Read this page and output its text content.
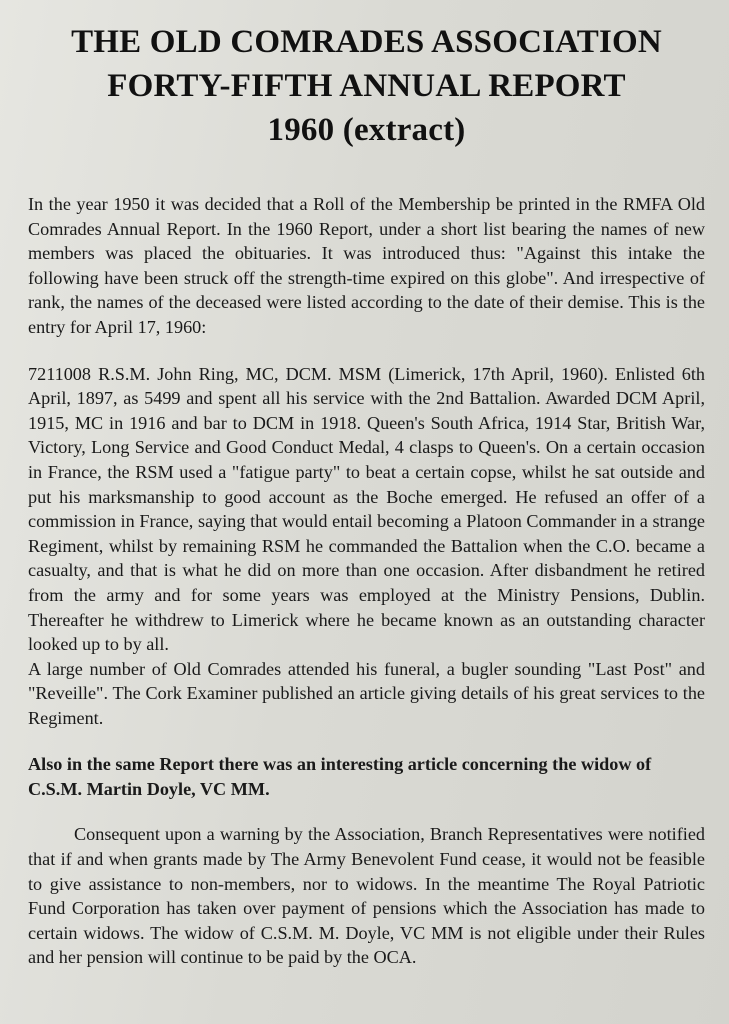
THE OLD COMRADES ASSOCIATION
FORTY-FIFTH ANNUAL REPORT
1960 (extract)

In the year 1950 it was decided that a Roll of the Membership be printed in the RMFA Old Comrades Annual Report. In the 1960 Report, under a short list bearing the names of new members was placed the obituaries. It was introduced thus: "Against this intake the following have been struck off the strength-time expired on this globe". And irrespective of rank, the names of the deceased were listed according to the date of their demise. This is the entry for April 17, 1960:

7211008 R.S.M. John Ring, MC, DCM. MSM (Limerick, 17th April, 1960). Enlisted 6th April, 1897, as 5499 and spent all his service with the 2nd Battalion. Awarded DCM April, 1915, MC in 1916 and bar to DCM in 1918. Queen's South Africa, 1914 Star, British War, Victory, Long Service and Good Conduct Medal, 4 clasps to Queen's. On a certain occasion in France, the RSM used a "fatigue party" to beat a certain copse, whilst he sat outside and put his marksmanship to good account as the Boche emerged. He refused an offer of a commission in France, saying that would entail becoming a Platoon Commander in a strange Regiment, whilst by remaining RSM he commanded the Battalion when the C.O. became a casualty, and that is what he did on more than one occasion. After disbandment he retired from the army and for some years was employed at the Ministry Pensions, Dublin. Thereafter he withdrew to Limerick where he became known as an outstanding character looked up to by all.

A large number of Old Comrades attended his funeral, a bugler sounding "Last Post" and "Reveille". The Cork Examiner published an article giving details of his great services to the Regiment.

Also in the same Report there was an interesting article concerning the widow of C.S.M. Martin Doyle, VC MM.

Consequent upon a warning by the Association, Branch Representatives were notified that if and when grants made by The Army Benevolent Fund cease, it would not be feasible to give assistance to non-members, nor to widows. In the meantime The Royal Patriotic Fund Corporation has taken over payment of pensions which the Association has made to certain widows. The widow of C.S.M. M. Doyle, VC MM is not eligible under their Rules and her pension will continue to be paid by the OCA.
